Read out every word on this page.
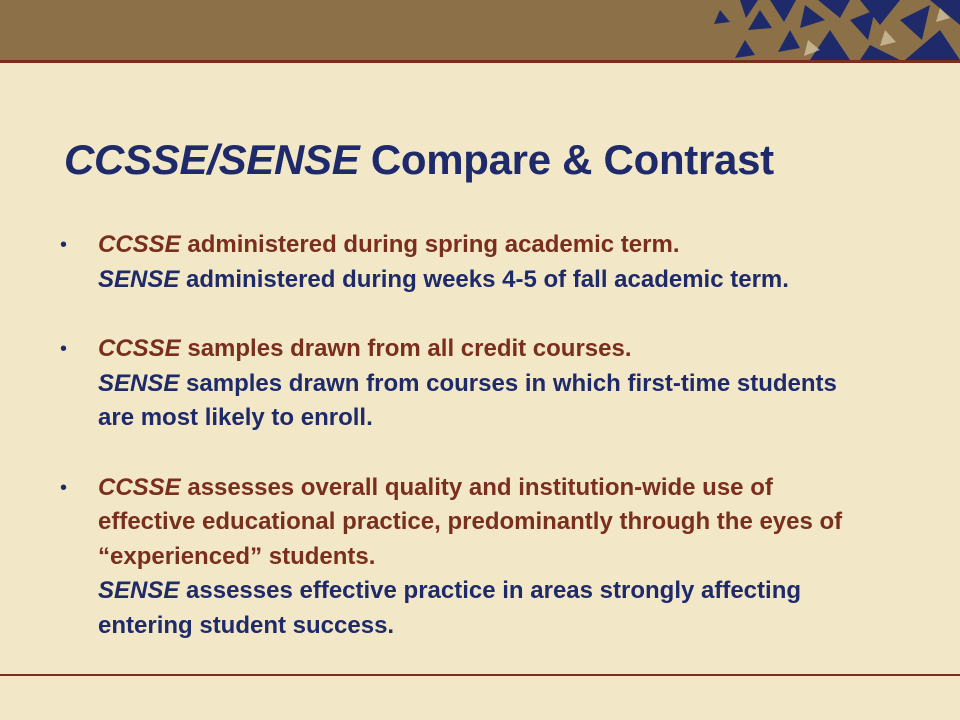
CCSSE/SENSE Compare & Contrast
•	CCSSE administered during spring academic term.
SENSE administered during weeks 4-5 of fall academic term.
•	CCSSE samples drawn from all credit courses.
SENSE samples drawn from courses in which first-time students
are most likely to enroll.
•	CCSSE assesses overall quality and institution-wide use of
effective educational practice, predominantly through the eyes of
“experienced” students.
SENSE assesses effective practice in areas strongly affecting
entering student success.
